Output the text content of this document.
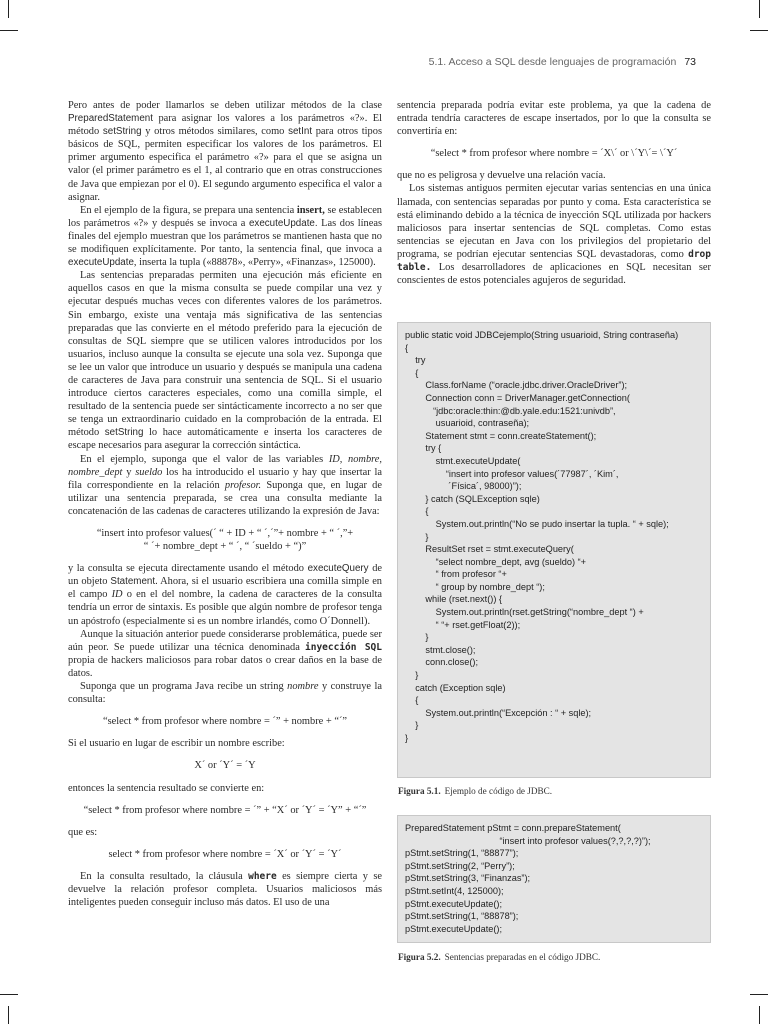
5.1. Acceso a SQL desde lenguajes de programación 73

Pero antes de poder llamarlos se deben utilizar métodos de la clase PreparedStatement para asignar los valores a los parámetros «?». El método setString y otros métodos similares, como setInt para otros tipos básicos de SQL, permiten especificar los valores de los parámetros. El primer argumento especifica el parámetro «?» para el que se asigna un valor (el primer parámetro es el 1, al contrario que en otras construcciones de Java que empiezan por el 0). El segundo argumento especifica el valor a asignar.

En el ejemplo de la figura, se prepara una sentencia insert, se establecen los parámetros «?» y después se invoca a executeUpdate. Las dos líneas finales del ejemplo muestran que los parámetros se mantienen hasta que no se modifiquen explícitamente. Por tanto, la sentencia final, que invoca a executeUpdate, inserta la tupla («88878», «Perry», «Finanzas», 125000).

Las sentencias preparadas permiten una ejecución más eficiente en aquellos casos en que la misma consulta se puede compilar una vez y ejecutar después muchas veces con diferentes valores de los parámetros. Sin embargo, existe una ventaja más significativa de las sentencias preparadas que las convierte en el método preferido para la ejecución de consultas de SQL siempre que se utilicen valores introducidos por los usuarios, incluso aunque la consulta se ejecute una sola vez. Suponga que se lee un valor que introduce un usuario y después se manipula una cadena de caracteres de Java para construir una sentencia de SQL. Si el usuario introduce ciertos caracteres especiales, como una comilla simple, el resultado de la sentencia puede ser sintácticamente incorrecto a no ser que se tenga un extraordinario cuidado en la comprobación de la entrada. El método setString lo hace automáticamente e inserta los caracteres de escape necesarios para asegurar la corrección sintáctica.

En el ejemplo, suponga que el valor de las variables ID, nombre, nombre_dept y sueldo los ha introducido el usuario y hay que insertar la fila correspondiente en la relación profesor. Suponga que, en lugar de utilizar una sentencia preparada, se crea una consulta mediante la concatenación de las cadenas de caracteres utilizando la expresión de Java:

“insert into profesor values(´ “ + ID + “ ´,´”+ nombre + “ ´,”+
“ ´+ nombre_dept + “ ´, “ ´sueldo + “)”

y la consulta se ejecuta directamente usando el método executeQuery de un objeto Statement. Ahora, si el usuario escribiera una comilla simple en el campo ID o en el del nombre, la cadena de caracteres de la consulta tendría un error de sintaxis. Es posible que algún nombre de profesor tenga un apóstrofo (especialmente si es un nombre irlandés, como O´Donnell).

Aunque la situación anterior puede considerarse problemática, puede ser aún peor. Se puede utilizar una técnica denominada inyección SQL propia de hackers maliciosos para robar datos o crear daños en la base de datos.

Suponga que un programa Java recibe un string nombre y construye la consulta:

“select * from profesor where nombre = ´” + nombre + “´”

Si el usuario en lugar de escribir un nombre escribe:

X´ or ´Y´ = ´Y

entonces la sentencia resultado se convierte en:

“select * from profesor where nombre = ´” + “X´ or ´Y´ = ´Y” + “´”

que es:

select * from profesor where nombre = ´X´ or ´Y´ = ´Y´

En la consulta resultado, la cláusula where es siempre cierta y se devuelve la relación profesor completa. Usuarios maliciosos más inteligentes pueden conseguir incluso más datos. El uso de una

sentencia preparada podría evitar este problema, ya que la cadena de entrada tendría caracteres de escape insertados, por lo que la consulta se convertiría en:

“select * from profesor where nombre = ´X\´ or \´Y\´= \´Y´

que no es peligrosa y devuelve una relación vacía.

Los sistemas antiguos permiten ejecutar varias sentencias en una única llamada, con sentencias separadas por punto y coma. Esta característica se está eliminando debido a la técnica de inyección SQL utilizada por hackers maliciosos para insertar sentencias de SQL completas. Como estas sentencias se ejecutan en Java con los privilegios del propietario del programa, se podrían ejecutar sentencias SQL devastadoras, como drop table. Los desarrolladores de aplicaciones en SQL necesitan ser conscientes de estos potenciales agujeros de seguridad.

public static void JDBCejemplo(String usuarioid, String contraseña)
{
try
{
Class.forName (“oracle.jdbc.driver.OracleDriver”);
Connection conn = DriverManager.getConnection(
“jdbc:oracle:thin:@db.yale.edu:1521:univdb”,
usuarioid, contraseña);
Statement stmt = conn.createStatement();
try {
stmt.executeUpdate(
“insert into profesor values(´77987´, ´Kim´,
´Física´, 98000)”);
} catch (SQLException sqle)
{
System.out.println(“No se pudo insertar la tupla. “ + sqle);
}
ResultSet rset = stmt.executeQuery(
“select nombre_dept, avg (sueldo) “+
“ from profesor “+
“ group by nombre_dept “);
while (rset.next()) {
System.out.println(rset.getString(“nombre_dept “) +
“ “+ rset.getFloat(2));
}
stmt.close();
conn.close();
}
catch (Exception sqle)
{
System.out.println(“Excepción : “ + sqle);
}
}
Figura 5.1. Ejemplo de código de JDBC.
PreparedStatement pStmt = conn.prepareStatement(
“insert into profesor values(?,?,?,?)”);
pStmt.setString(1, “88877”);
pStmt.setString(2, “Perry”);
pStmt.setString(3, “Finanzas”);
pStmt.setInt(4, 125000);
pStmt.executeUpdate();
pStmt.setString(1, “88878”);
pStmt.executeUpdate();
Figura 5.2. Sentencias preparadas en el código JDBC.
